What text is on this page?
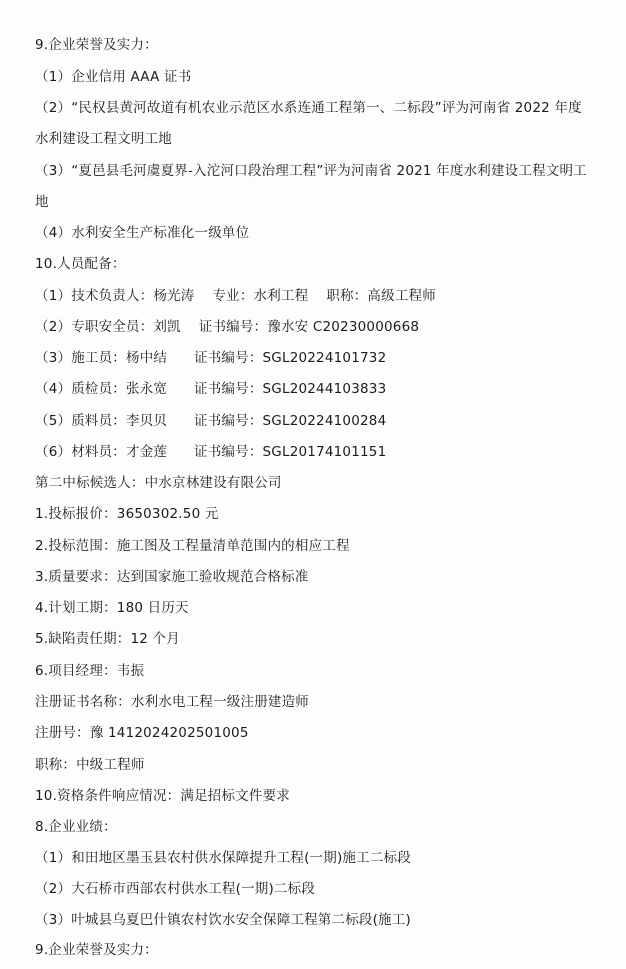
9.企业荣誉及实力：
（1）企业信用 AAA 证书
（2）“民权县黄河故道有机农业示范区水系连通工程第一、二标段”评为河南省 2022 年度
水利建设工程文明工地
（3）“夏邑县毛河虞夏界-入沱河口段治理工程”评为河南省 2021 年度水利建设工程文明工
地
（4）水利安全生产标准化一级单位
10.人员配备：
（1）技术负责人：杨光涛    专业：水利工程    职称：高级工程师
（2）专职安全员：刘凯    证书编号：豫水安 C20230000668
（3）施工员：杨中结      证书编号：SGL20224101732
（4）质检员：张永宽      证书编号：SGL20244103833
（5）质料员：李贝贝      证书编号：SGL20224100284
（6）材料员：才金莲      证书编号：SGL20174101151
第二中标候选人：中水京林建设有限公司
1.投标报价：3650302.50 元
2.投标范围：施工图及工程量清单范围内的相应工程
3.质量要求：达到国家施工验收规范合格标准
4.计划工期：180 日历天
5.缺陷责任期：12 个月
6.项目经理：韦振
注册证书名称：水利水电工程一级注册建造师
注册号：豫 1412024202501005
职称：中级工程师
10.资格条件响应情况：满足招标文件要求
8.企业业绩：
（1）和田地区墨玉县农村供水保障提升工程(一期)施工二标段
（2）大石桥市西部农村供水工程(一期)二标段
（3）叶城县乌夏巴什镇农村饮水安全保障工程第二标段(施工)
9.企业荣誉及实力：
